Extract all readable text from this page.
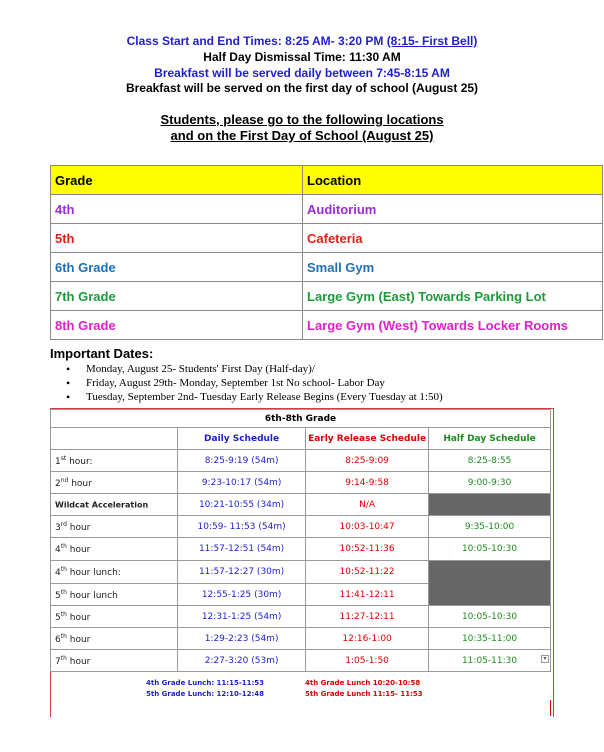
Class Start and End Times: 8:25 AM- 3:20 PM (8:15- First Bell)
Half Day Dismissal Time: 11:30 AM
Breakfast will be served daily between 7:45-8:15 AM
Breakfast will be served on the first day of school (August 25)
Students, please go to the following locations
and on the First Day of School (August 25)
Grade	Location
4th	Auditorium
5th	Cafeteria
6th Grade	Small Gym
7th Grade	Large Gym (East) Towards Parking Lot
8th Grade	Large Gym (West) Towards Locker Rooms
Important Dates:
• Monday, August 25- Students' First Day (Half-day)/
• Friday, August 29th- Monday, September 1st No school- Labor Day
• Tuesday, September 2nd- Tuesday Early Release Begins (Every Tuesday at 1:50)
6th-8th Grade			
	Daily Schedule	Early Release Schedule	Half Day Schedule
1st hour:	8:25-9:19 (54m)	8:25-9:09	8:25-8:55
2nd hour	9:23-10:17 (54m)	9:14-9:58	9:00-9:30
Wildcat Acceleration	10:21-10:55 (34m)	N/A	
3rd hour	10:59- 11:53 (54m)	10:03-10:47	9:35-10:00
4th hour	11:57-12:51 (54m)	10:52-11:36	10:05-10:30
4th hour lunch:	11:57-12:27 (30m)	10:52-11:22	
5th hour lunch	12:55-1:25 (30m)	11:41-12:11	
5th hour	12:31-1:25 (54m)	11:27-12:11	10:05-10:30
6th hour	1:29-2:23 (54m)	12:16-1:00	10:35-11:00
7th hour	2:27-3:20 (53m)	1:05-1:50	11:05-11:30	▾
4th Grade Lunch: 11:15-11:53
5th Grade Lunch: 12:10-12:48
4th Grade Lunch 10:20-10:58
5th Grade Lunch 11:15- 11:53
